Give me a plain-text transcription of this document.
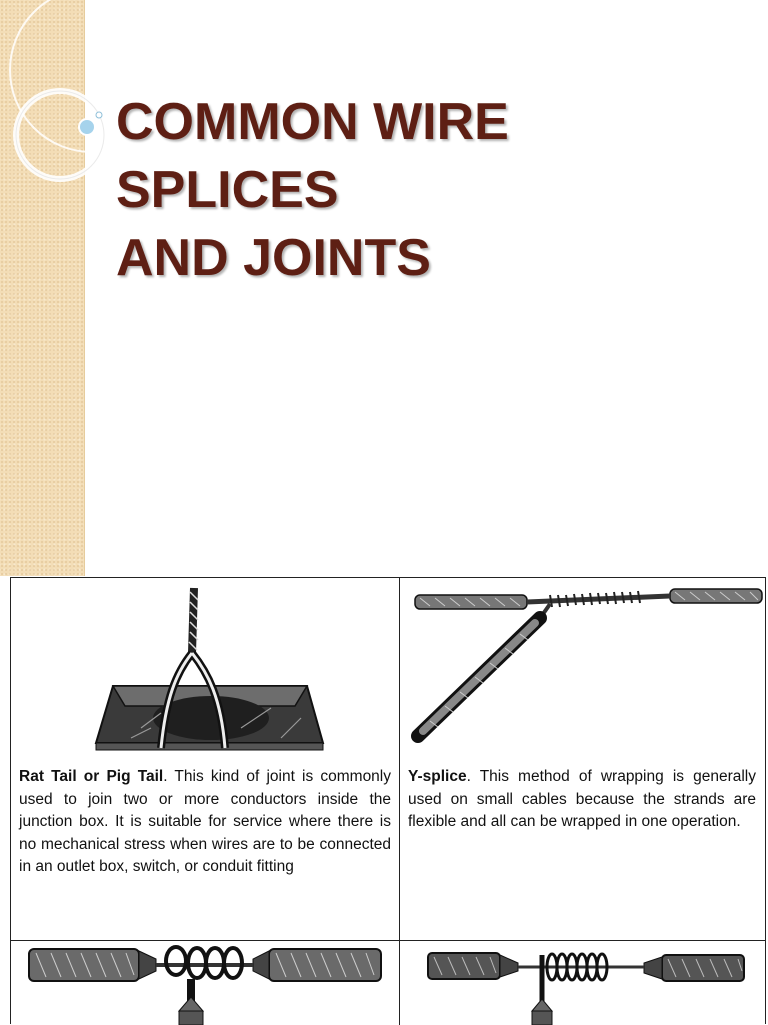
COMMON WIRE
SPLICES
AND JOINTS

Rat Tail or Pig Tail. This kind of joint is commonly used to join two or more conductors inside the junction box. It is suitable for service where there is no mechanical stress when wires are to be connected in an outlet box, switch, or conduit fitting

Y-splice. This method of wrapping is generally used on small cables because the strands are flexible and all can be wrapped in one operation.
